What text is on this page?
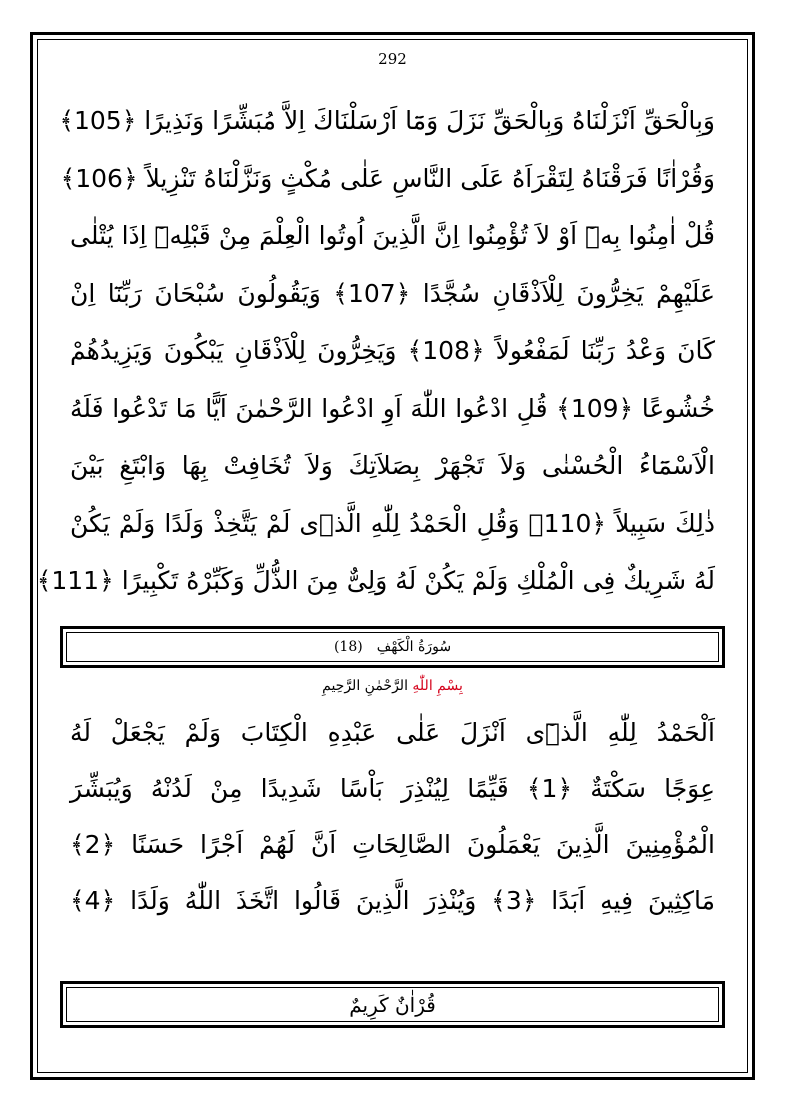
292
وَبِالْحَقِّ اَنْزَلْنَاهُ وَبِالْحَقِّ نَزَلَ وَمَٓا اَرْسَلْنَاكَ اِلاَّ مُبَشِّرًا وَنَذِيرًا ﴿105﴾
وَقُرْاٰنًا فَرَقْنَاهُ لِتَقْرَاَهُ عَلَى النَّاسِ عَلٰى مُكْثٍ وَنَزَّلْنَاهُ تَنْزِيلاً ﴿106﴾
قُلْ اٰمِنُوا بِهٖٓ اَوْ لاَ تُؤْمِنُوا اِنَّ الَّذِينَ اُوتُوا الْعِلْمَ مِنْ قَبْلِهٖٓ اِذَا يُتْلٰى
عَلَيْهِمْ يَخِرُّونَ لِلْاَذْقَانِ سُجَّدًا ﴿107﴾ وَيَقُولُونَ سُبْحَانَ رَبِّنَٓا اِنْ
كَانَ وَعْدُ رَبِّنَا لَمَفْعُولاً ﴿108﴾ وَيَخِرُّونَ لِلْاَذْقَانِ يَبْكُونَ وَيَزِيدُهُمْ
خُشُوعًا ﴿109﴾ قُلِ ادْعُوا اللّٰهَ اَوِ ادْعُوا الرَّحْمٰنَ اَيًّا مَا تَدْعُوا فَلَهُ
الْاَسْمَٓاءُ الْحُسْنٰى وَلاَ تَجْهَرْ بِصَلاَتِكَ وَلاَ تُخَافِتْ بِهَا وَابْتَغِ بَيْنَ
ذٰلِكَ سَبِيلاً ﴿110﴾ وَقُلِ الْحَمْدُ لِلّٰهِ الَّذٖى لَمْ يَتَّخِذْ وَلَدًا وَلَمْ يَكُنْ
لَهُ شَرِيكٌ فِى الْمُلْكِ وَلَمْ يَكُنْ لَهُ وَلِىٌّ مِنَ الذُّلِّ وَكَبِّرْهُ تَكْبِيرًا ﴿111﴾
سُورَةُ الْكَهْفِ
(18)
بِسْمِ اللّٰهِ الرَّحْمٰنِ الرَّحِيمِ
اَلْحَمْدُ لِلّٰهِ الَّذٖٓى اَنْزَلَ عَلٰى عَبْدِهِ الْكِتَابَ وَلَمْ يَجْعَلْ لَهُ
عِوَجًا سَكْتَةٌ ﴿1﴾ قَيِّمًا لِيُنْذِرَ بَاْسًا شَدِيدًا مِنْ لَدُنْهُ وَيُبَشِّرَ
الْمُؤْمِنِينَ الَّذِينَ يَعْمَلُونَ الصَّالِحَاتِ اَنَّ لَهُمْ اَجْرًا حَسَنًا ﴿2﴾
مَاكِثِينَ فِيهِ اَبَدًا ﴿3﴾ وَيُنْذِرَ الَّذِينَ قَالُوا اتَّخَذَ اللّٰهُ وَلَدًا ﴿4﴾
قُرْاٰنٌ كَرِيمٌ
